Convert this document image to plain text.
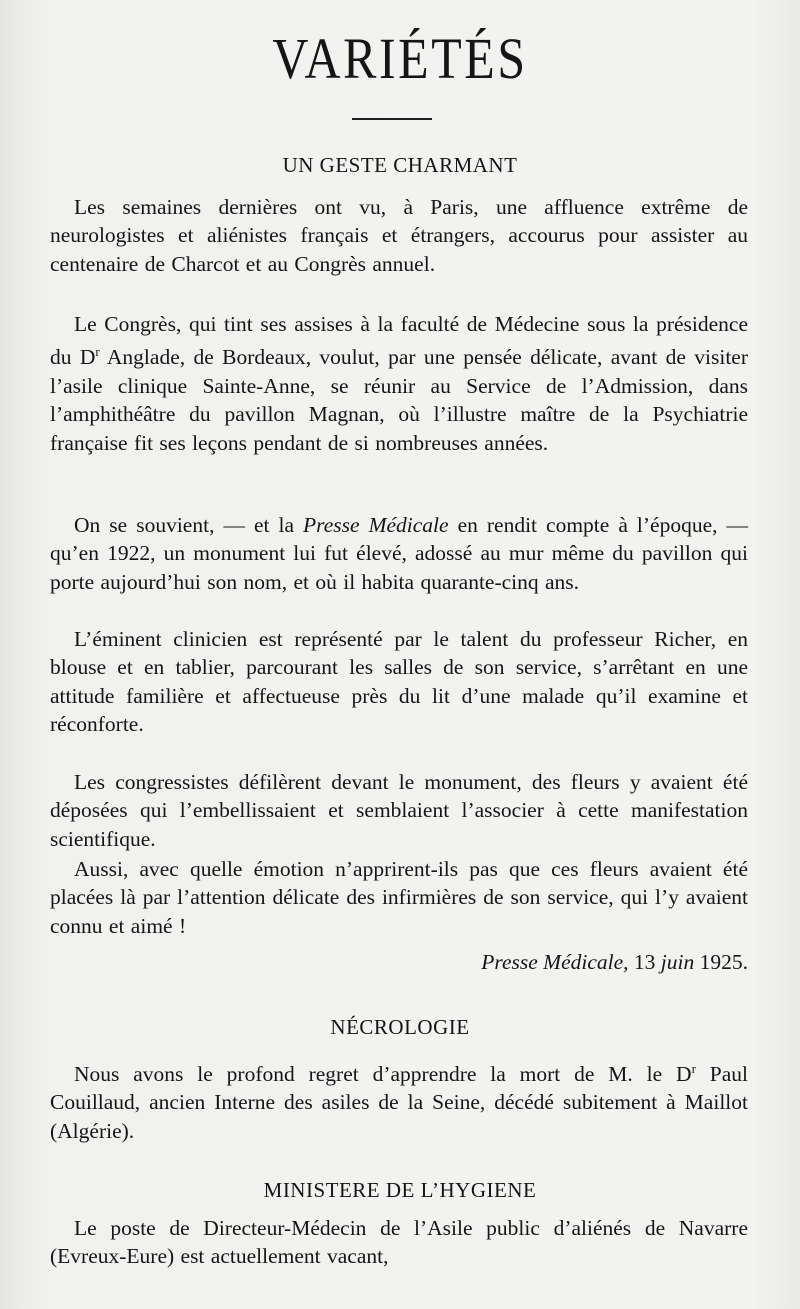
VARIÉTÉS
UN GESTE CHARMANT
Les semaines dernières ont vu, à Paris, une affluence extrême de neurologistes et aliénistes français et étrangers, accourus pour assister au centenaire de Charcot et au Congrès annuel.
Le Congrès, qui tint ses assises à la faculté de Médecine sous la présidence du $D^r$ Anglade, de Bordeaux, voulut, par une pensée délicate, avant de visiter l’asile clinique Sainte-Anne, se réunir au Service de l’Admission, dans l’amphithéâtre du pavillon Magnan, où l’illustre maître de la Psychiatrie française fit ses leçons pendant de si nombreuses années.
On se souvient, — et la Presse Médicale en rendit compte à l’époque, — qu’en 1922, un monument lui fut élevé, adossé au mur même du pavillon qui porte aujourd’hui son nom, et où il habita quarante-cinq ans.
L’éminent clinicien est représenté par le talent du professeur Richer, en blouse et en tablier, parcourant les salles de son service, s’arrêtant en une attitude familière et affectueuse près du lit d’une malade qu’il examine et réconforte.
Les congressistes défilèrent devant le monument, des fleurs y avaient été déposées qui l’embellissaient et semblaient l’associer à cette manifestation scientifique.
Aussi, avec quelle émotion n’apprirent-ils pas que ces fleurs avaient été placées là par l’attention délicate des infirmières de son service, qui l’y avaient connu et aimé !
Presse Médicale, 13 juin 1925.
NÉCROLOGIE
Nous avons le profond regret d’apprendre la mort de M. le $D^r$ Paul Couillaud, ancien Interne des asiles de la Seine, décédé subitement à Maillot (Algérie).
MINISTERE DE L’HYGIENE
Le poste de Directeur-Médecin de l’Asile public d’aliénés de Navarre (Evreux-Eure) est actuellement vacant,
